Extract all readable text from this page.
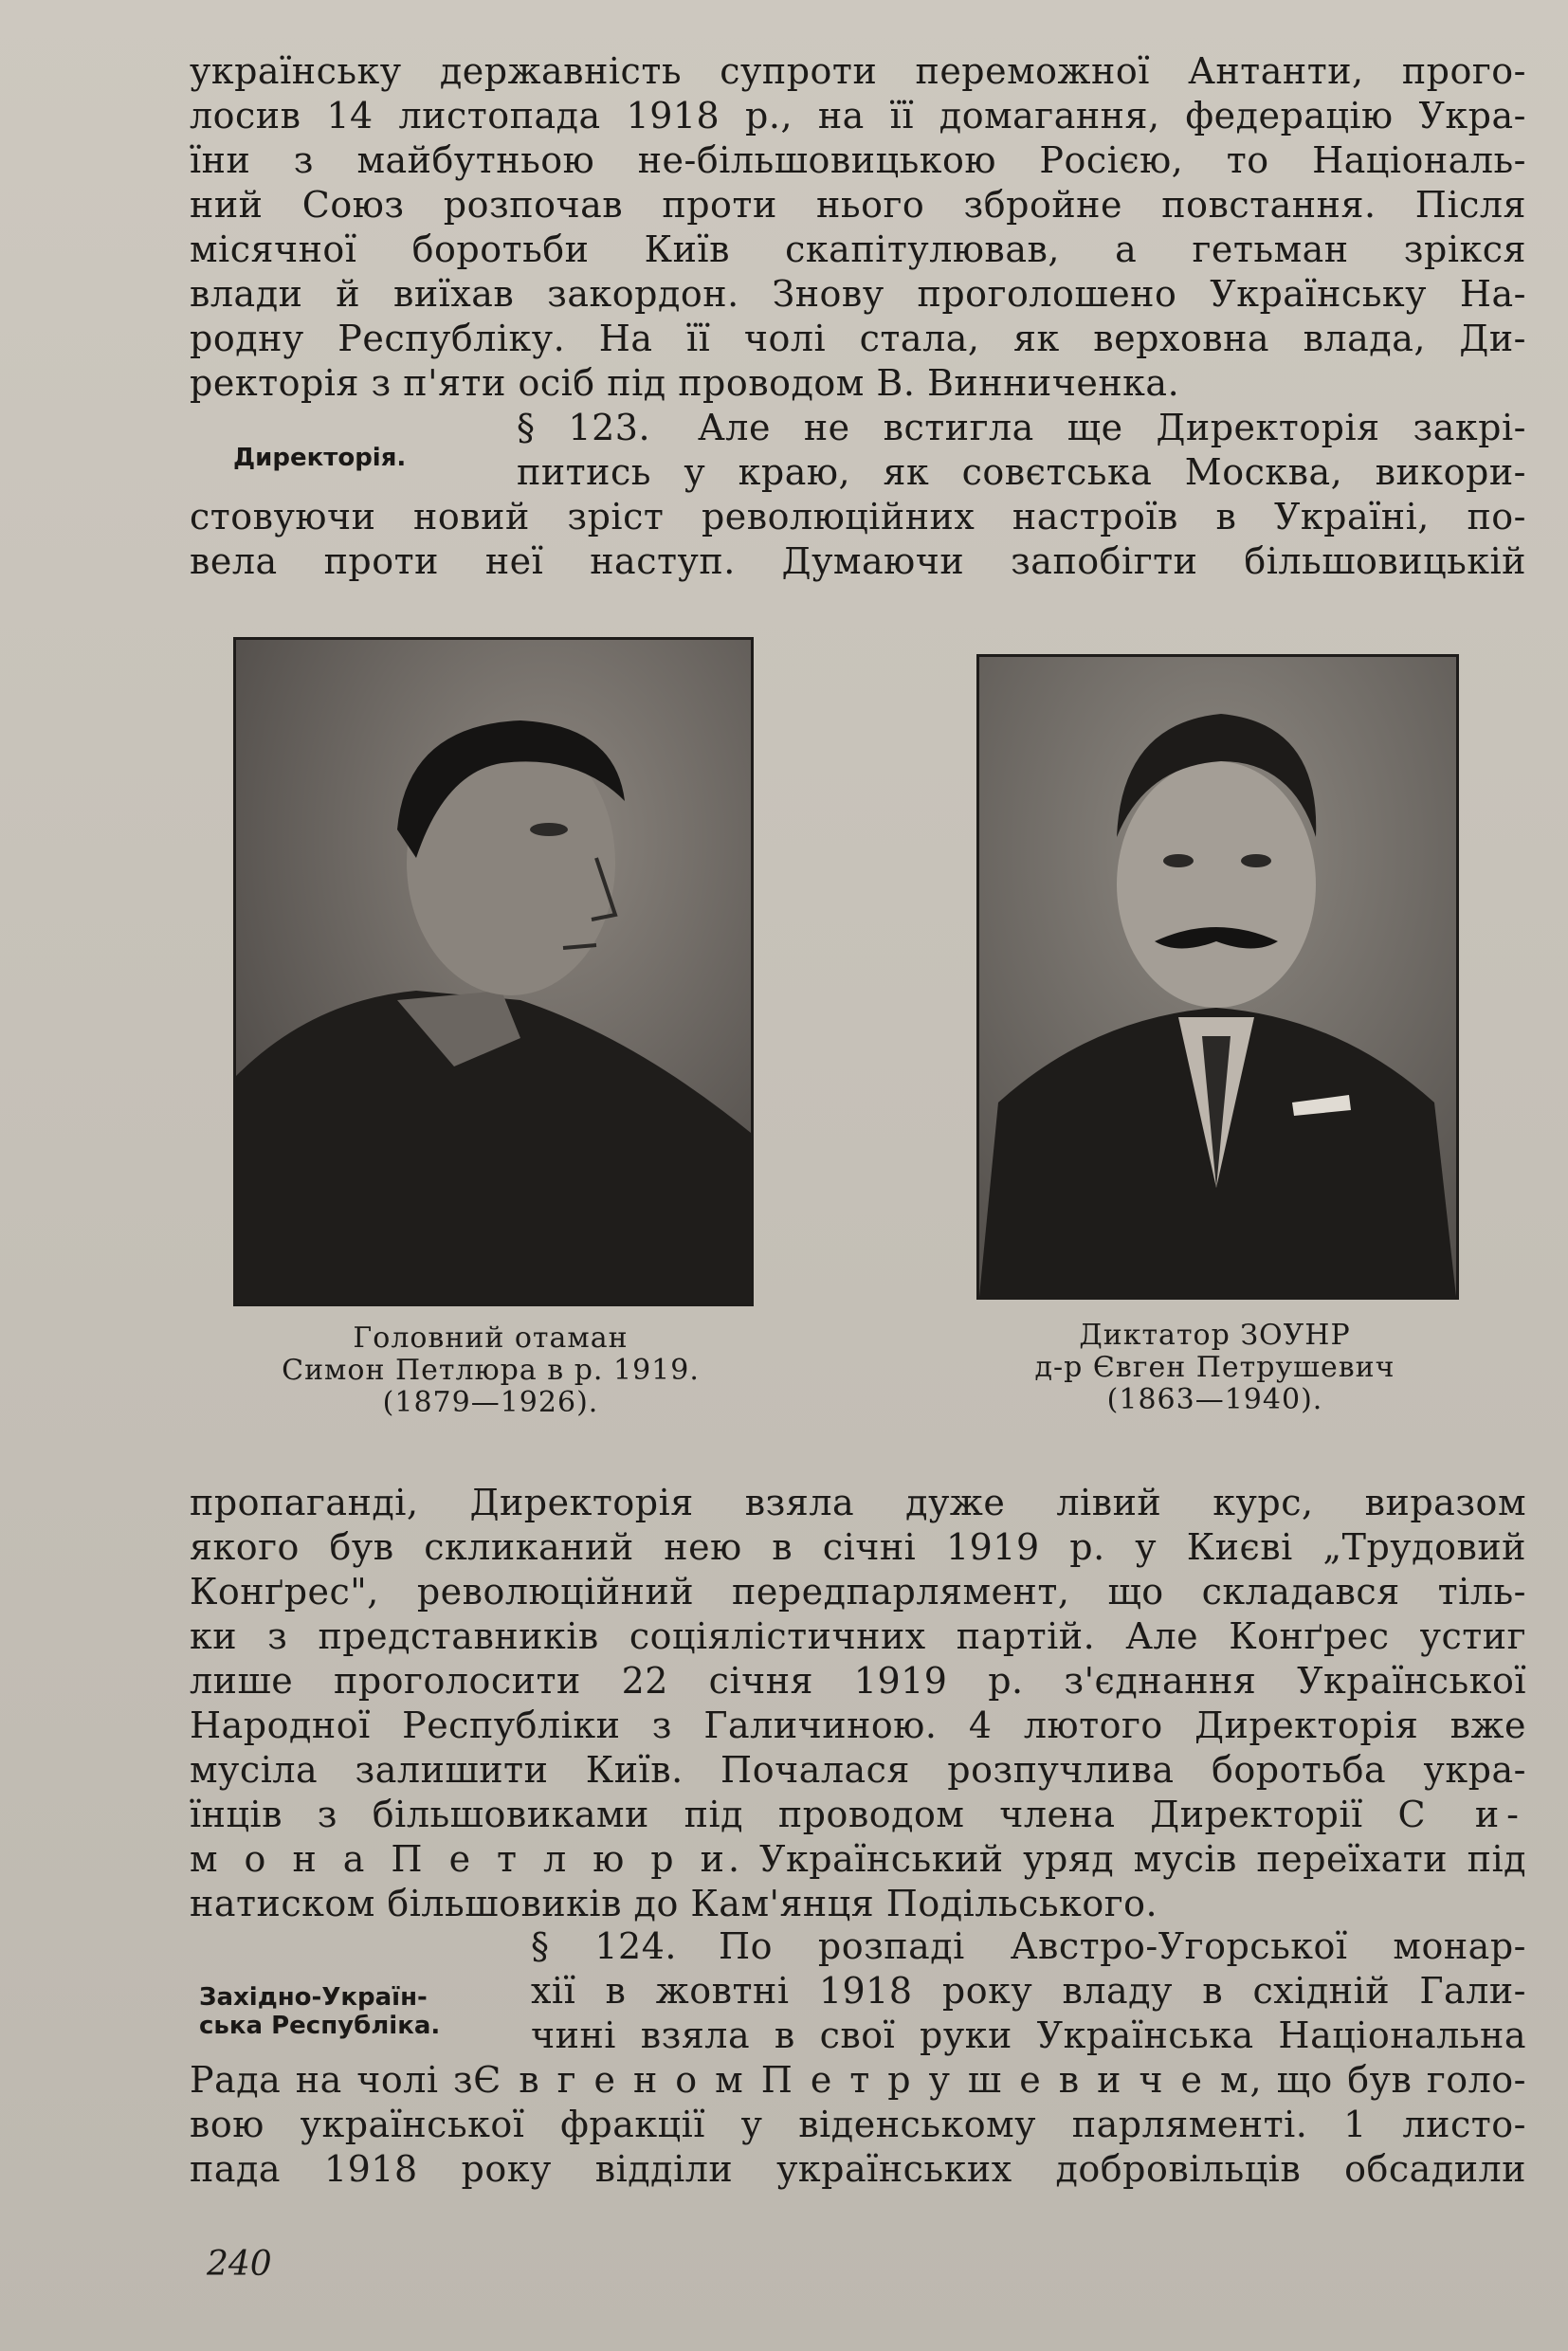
українську державність супроти переможної Антанти, прого-
лосив 14 листопада 1918 р., на її домагання, федерацію Укра-
їни з майбутньою не-більшовицькою Росією, то Національ-
ний Союз розпочав проти нього збройне повстання. Після
місячної боротьби Київ скапітулював, а гетьман зрікся
влади й виїхав закордон. Знову проголошено Українську На-
родну Республіку. На її чолі стала, як верховна влада, Ди-
ректорія з п'яти осіб під проводом В. Винниченка.
Директорія.
§ 123. Але не встигла ще Директорія закрі-
питись у краю, як совєтська Москва, викори-
стовуючи новий зріст революційних настроїв в Україні, по-
вела проти неї наступ. Думаючи запобігти більшовицькій
Головний отаман
Симон Петлюра в р. 1919.
(1879—1926).
Диктатор ЗОУНР
д-р Євген Петрушевич
(1863—1940).
пропаганді, Директорія взяла дуже лівий курс, виразом
якого був скликаний нею в січні 1919 р. у Києві „Трудовий
Конґрес", революційний передпарлямент, що складався тіль-
ки з представників соціялістичних партій. Але Конґрес устиг
лише проголосити 22 січня 1919 р. з'єднання Української
Народної Республіки з Галичиною. 4 лютого Директорія вже
мусіла залишити Київ. Почалася розпучлива боротьба укра-
їнців з більшовиками під проводом члена Директорії С и-
м о н а П е т л ю р и. Український уряд мусів переїхати під
натиском більшовиків до Кам'янця Подільського.
Західно-Україн-
ська Республіка.
§ 124. По розпаді Австро-Угорської монар-
хії в жовтні 1918 року владу в східній Гали-
чині взяла в свої руки Українська Національна
Рада на чолі зЄ в г е н о м П е т р у ш е в и ч е м, що був голо-
вою української фракції у віденському парляменті. 1 листо-
пада 1918 року відділи українських добровільців обсадили
240
